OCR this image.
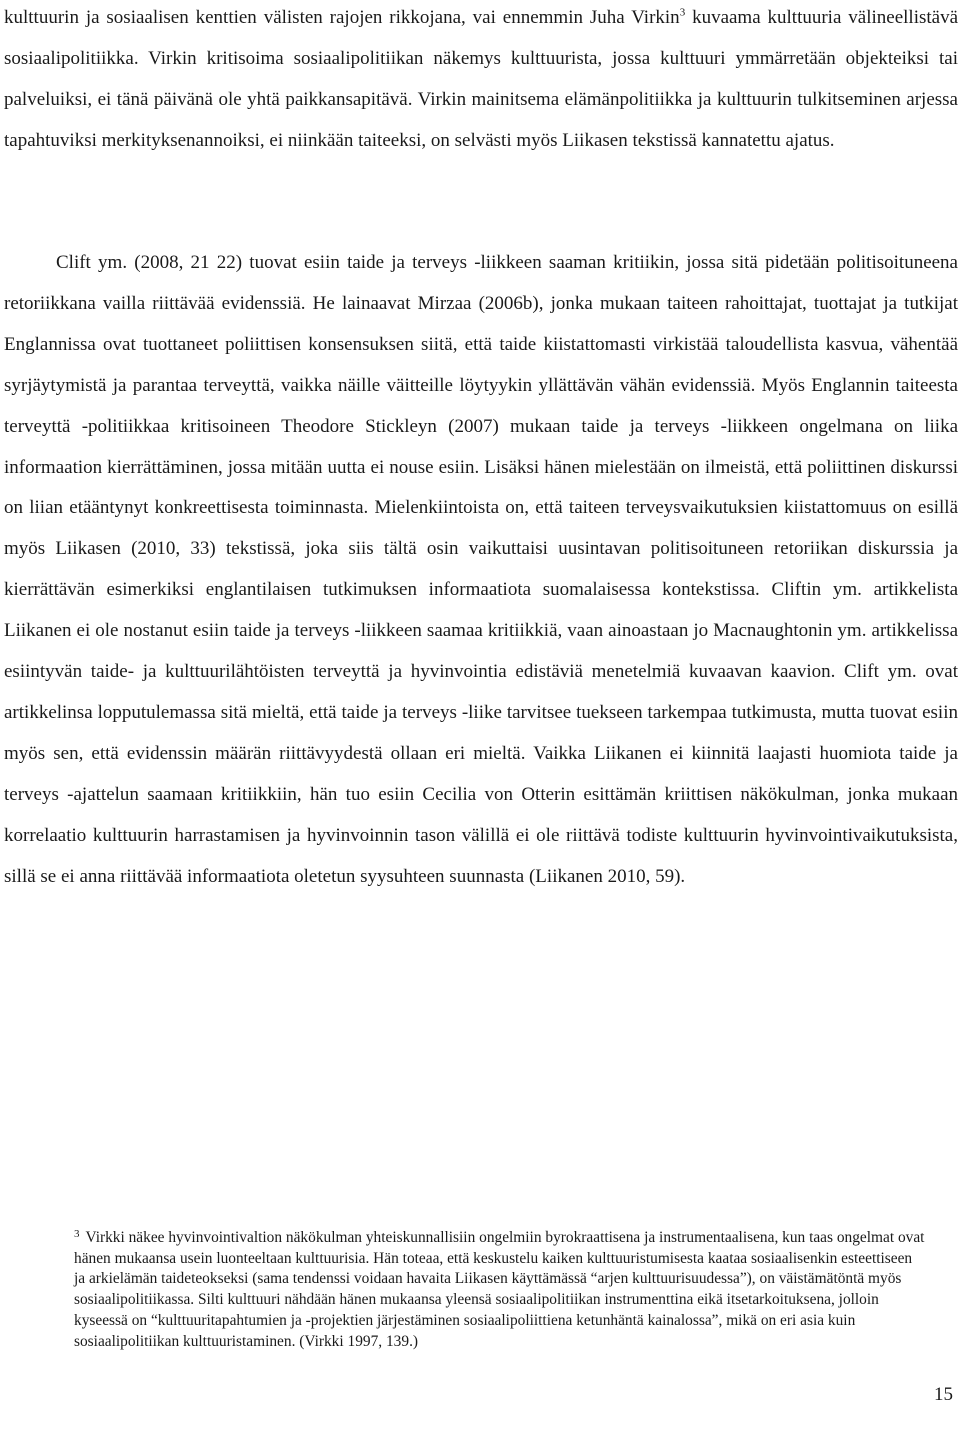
kulttuurin ja sosiaalisen kenttien välisten rajojen rikkojana, vai ennemmin Juha Virkin$^3$ kuvaama kulttuuria välineellistävä sosiaalipolitiikka. Virkin kritisoima sosiaalipolitiikan näkemys kulttuurista, jossa kulttuuri ymmärretään objekteiksi tai palveluiksi, ei tänä päivänä ole yhtä paikkansapitävä. Virkin mainitsema elämänpolitiikka ja kulttuurin tulkitseminen arjessa tapahtuviksi merkityksenannoiksi, ei niinkään taiteeksi, on selvästi myös Liikasen tekstissä kannatettu ajatus.

Clift ym. (2008, 21 22) tuovat esiin taide ja terveys -liikkeen saaman kritiikin, jossa sitä pidetään politisoituneena retoriikkana vailla riittävää evidenssiä. He lainaavat Mirzaa (2006b), jonka mukaan taiteen rahoittajat, tuottajat ja tutkijat Englannissa ovat tuottaneet poliittisen konsensuksen siitä, että taide kiistattomasti virkistää taloudellista kasvua, vähentää syrjäytymistä ja parantaa terveyttä, vaikka näille väitteille löytyykin yllättävän vähän evidenssiä. Myös Englannin taiteesta terveyttä -politiikkaa kritisoineen Theodore Stickleyn (2007) mukaan taide ja terveys -liikkeen ongelmana on liika informaation kierrättäminen, jossa mitään uutta ei nouse esiin. Lisäksi hänen mielestään on ilmeistä, että poliittinen diskurssi on liian etääntynyt konkreettisesta toiminnasta. Mielenkiintoista on, että taiteen terveysvaikutuksien kiistattomuus on esillä myös Liikasen (2010, 33) tekstissä, joka siis tältä osin vaikuttaisi uusintavan politisoituneen retoriikan diskurssia ja kierrättävän esimerkiksi englantilaisen tutkimuksen informaatiota suomalaisessa kontekstissa. Cliftin ym. artikkelista Liikanen ei ole nostanut esiin taide ja terveys -liikkeen saamaa kritiikkiä, vaan ainoastaan jo Macnaughtonin ym. artikkelissa esiintyvän taide- ja kulttuurilähtöisten terveyttä ja hyvinvointia edistäviä menetelmiä kuvaavan kaavion. Clift ym. ovat artikkelinsa lopputulemassa sitä mieltä, että taide ja terveys -liike tarvitsee tuekseen tarkempaa tutkimusta, mutta tuovat esiin myös sen, että evidenssin määrän riittävyydestä ollaan eri mieltä. Vaikka Liikanen ei kiinnitä laajasti huomiota taide ja terveys -ajattelun saamaan kritiikkiin, hän tuo esiin Cecilia von Otterin esittämän kriittisen näkökulman, jonka mukaan korrelaatio kulttuurin harrastamisen ja hyvinvoinnin tason välillä ei ole riittävä todiste kulttuurin hyvinvointivaikutuksista, sillä se ei anna riittävää informaatiota oletetun syysuhteen suunnasta (Liikanen 2010, 59).

$^3$ Virkki näkee hyvinvointivaltion näkökulman yhteiskunnallisiin ongelmiin byrokraattisena ja instrumentaalisena, kun taas ongelmat ovat hänen mukaansa usein luonteeltaan kulttuurisia. Hän toteaa, että keskustelu kaiken kulttuuristumisesta kaataa sosiaalisenkin esteettiseen ja arkielämän taideteokseksi (sama tendenssi voidaan havaita Liikasen käyttämässä “arjen kulttuurisuudessa”), on väistämätöntä myös sosiaalipolitiikassa. Silti kulttuuri nähdään hänen mukaansa yleensä sosiaalipolitiikan instrumenttina eikä itsetarkoituksena, jolloin kyseessä on “kulttuuritapahtumien ja -projektien järjestäminen sosiaalipoliittiena ketunhäntä kainalossa”, mikä on eri asia kuin sosiaalipolitiikan kulttuuristaminen. (Virkki 1997, 139.)

15
